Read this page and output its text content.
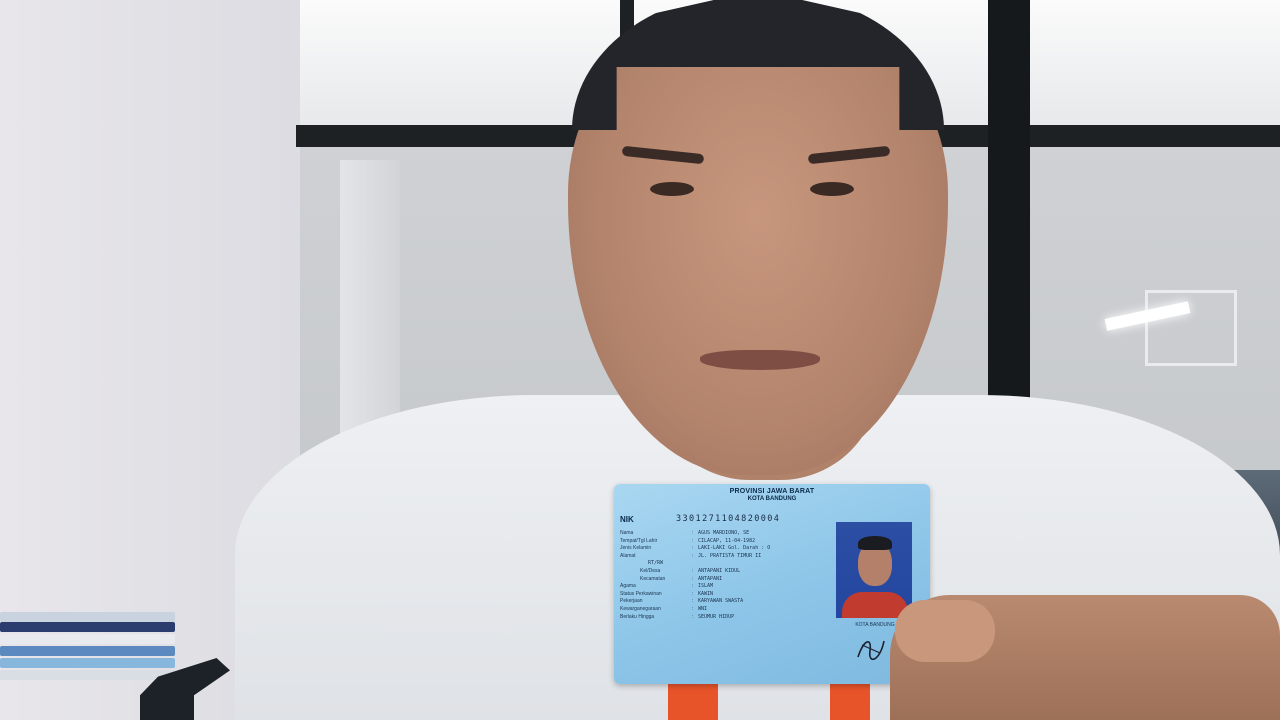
PROVINSI JAWA BARAT
KOTA BANDUNG
NIK	3301271104820004
Nama	: AGUS MARDIONO, SE
Tempat/Tgl Lahir	: CILACAP, 11-04-1982
Jenis Kelamin	: LAKI-LAKI Gol. Darah : O
Alamat	: JL. PRATISTA TIMUR II
RT/RW
Kel/Desa	: ANTAPANI KIDUL
Kecamatan	: ANTAPANI
Agama	: ISLAM
Status Perkawinan	: KAWIN
Pekerjaan	: KARYAWAN SWASTA
Kewarganegaraan	: WNI
Berlaku Hingga	: SEUMUR HIDUP
KOTA BANDUNG
